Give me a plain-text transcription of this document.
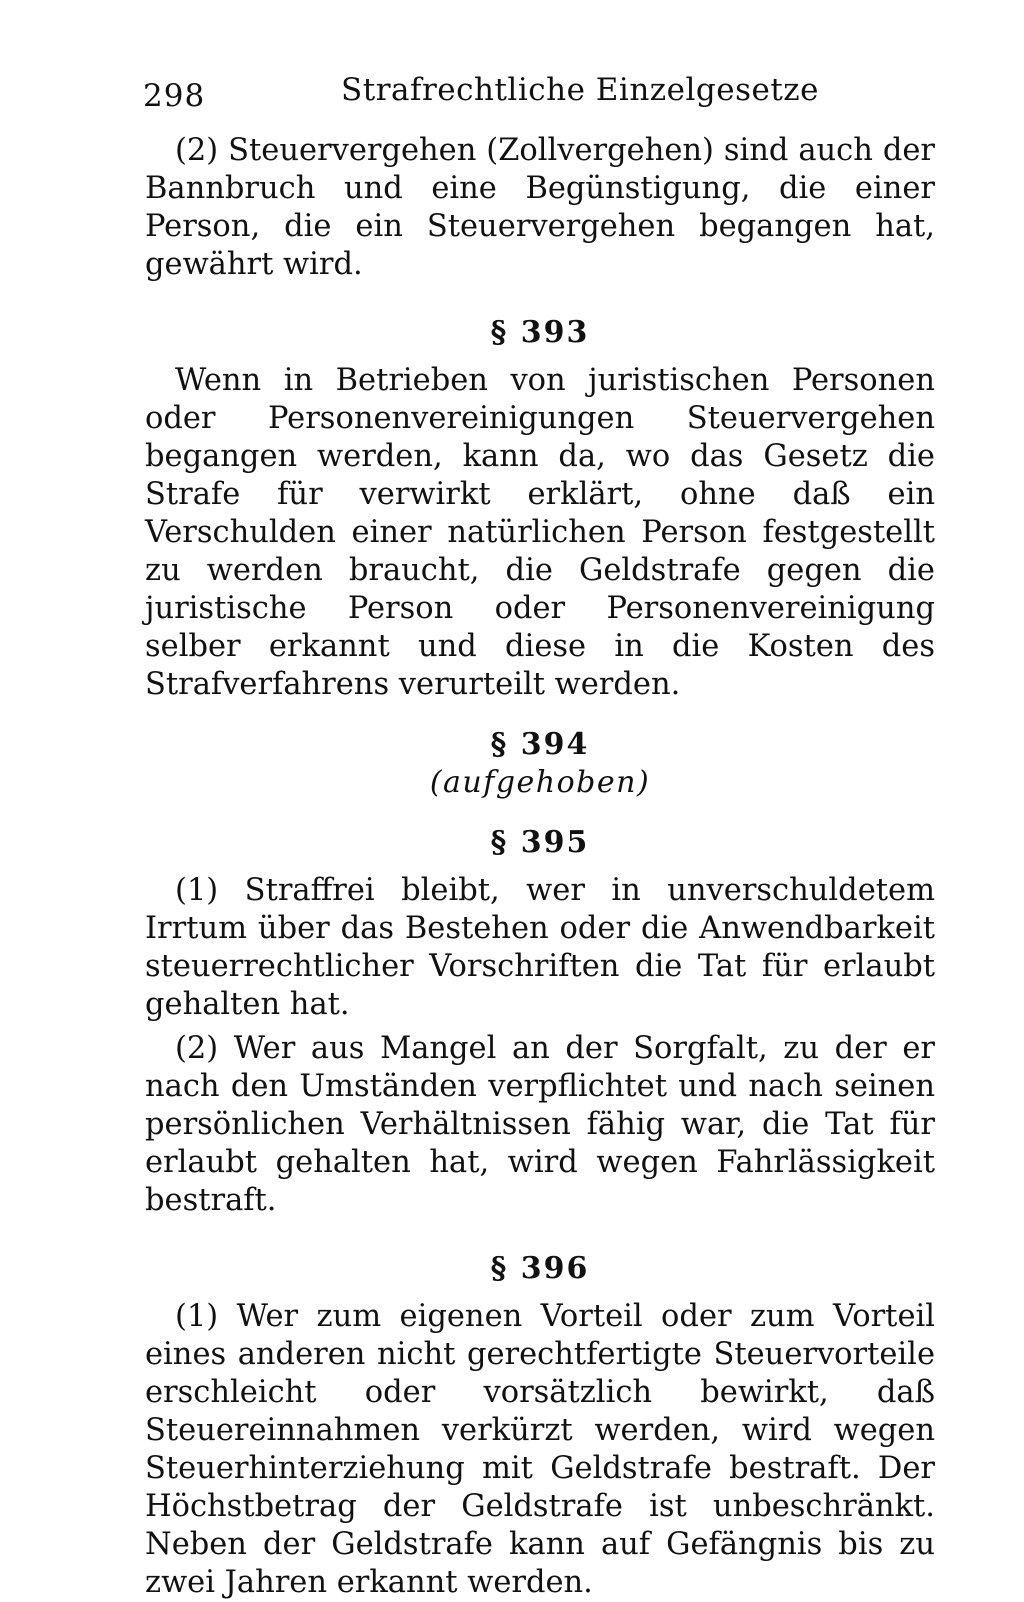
298	Strafrechtliche Einzelgesetze

(2) Steuervergehen (Zollvergehen) sind auch der Bannbruch und eine Begünstigung, die einer Person, die ein Steuervergehen begangen hat, gewährt wird.

§ 393

Wenn in Betrieben von juristischen Personen oder Personenvereinigungen Steuervergehen begangen werden, kann da, wo das Gesetz die Strafe für verwirkt erklärt, ohne daß ein Verschulden einer natürlichen Person festgestellt zu werden braucht, die Geldstrafe gegen die juristische Person oder Personenvereinigung selber erkannt und diese in die Kosten des Strafverfahrens verurteilt werden.

§ 394

(aufgehoben)

§ 395

(1) Straffrei bleibt, wer in unverschuldetem Irrtum über das Bestehen oder die Anwendbarkeit steuerrechtlicher Vorschriften die Tat für erlaubt gehalten hat.

(2) Wer aus Mangel an der Sorgfalt, zu der er nach den Umständen verpflichtet und nach seinen persönlichen Verhältnissen fähig war, die Tat für erlaubt gehalten hat, wird wegen Fahrlässigkeit bestraft.

§ 396

(1) Wer zum eigenen Vorteil oder zum Vorteil eines anderen nicht gerechtfertigte Steuervorteile erschleicht oder vorsätzlich bewirkt, daß Steuereinnahmen verkürzt werden, wird wegen Steuerhinterziehung mit Geldstrafe bestraft. Der Höchstbetrag der Geldstrafe ist unbeschränkt. Neben der Geldstrafe kann auf Gefängnis bis zu zwei Jahren erkannt werden.
